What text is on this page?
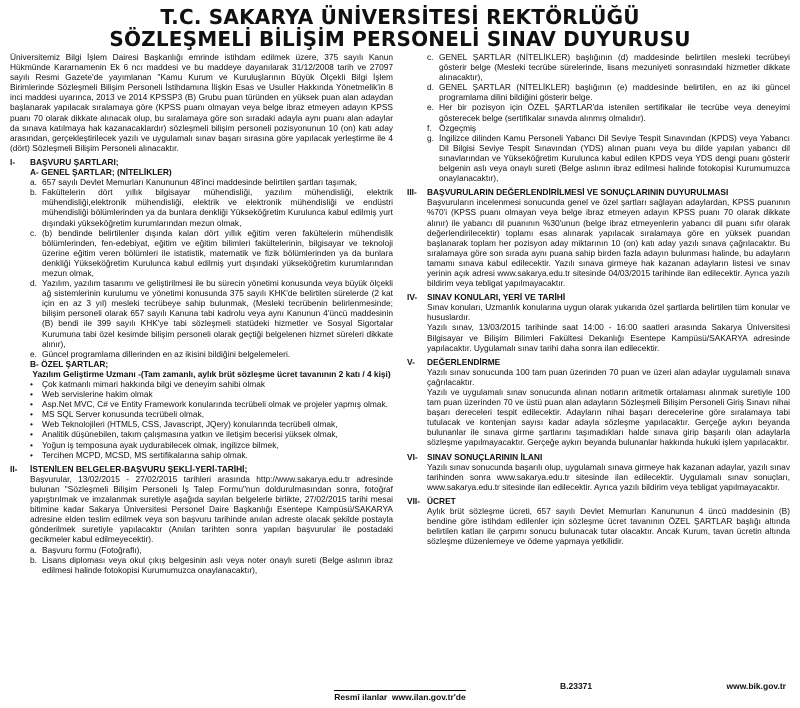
T.C. SAKARYA ÜNİVERSİTESİ REKTÖRLÜĞÜ
SÖZLEŞMELİ BİLİŞİM PERSONELİ SINAV DUYURUSU

Üniversitemiz Bilgi İşlem Dairesi Başkanlığı emrinde istihdam edilmek üzere, 375 sayılı Kanun Hükmünde Kararnamenin Ek 6 ncı maddesi ve bu maddeye dayanılarak 31/12/2008 tarih ve 27097 sayılı Resmi Gazete'de yayımlanan "Kamu Kurum ve Kuruluşlarının Büyük Ölçekli Bilgi İşlem Birimlerinde Sözleşmeli Bilişim Personeli İstihdamına İlişkin Esas ve Usuller Hakkında Yönetmelik'in 8 inci maddesi uyarınca, 2013 ve 2014 KPSSP3 (B) Grubu puan türünden en yüksek puan alan adaydan başlanarak yapılacak sıralamaya göre (KPSS puanı olmayan veya belge ibraz etmeyen adayın KPSS puanı 70 olarak dikkate alınacak olup, bu sıralamaya göre son sıradaki adayla aynı puanı alan adaylar da sınava katılmaya hak kazanacaklardır) sözleşmeli bilişim personeli pozisyonunun 10 (on) katı aday arasından, gerçekleştirilecek yazılı ve uygulamalı sınav başarı sırasına göre yapılacak yerleştirme ile 4 (dört) Sözleşmeli Bilişim Personeli alınacaktır.

I-	BAŞVURU ŞARTLARI;
A- GENEL ŞARTLAR; (NİTELİKLER)
a. 657 sayılı Devlet Memurları Kanununun 48'inci maddesinde belirtilen şartları taşımak,
b. Fakültelerin dört yıllık bilgisayar mühendisliği, yazılım mühendisliği, elektrik mühendisliği,elektronik mühendisliği, elektrik ve elektronik mühendisliği ve endüstri mühendisliği bölümlerinden ya da bunlara denkliği Yükseköğretim Kurulunca kabul edilmiş yurt dışındaki yükseköğretim kurumlarından mezun olmak,
c. (b) bendinde belirtilenler dışında kalan dört yıllık eğitim veren fakültelerin mühendislik bölümlerinden, fen-edebiyat, eğitim ve eğitim bilimleri fakültelerinin, bilgisayar ve teknoloji üzerine eğitim veren bölümleri ile istatistik, matematik ve fizik bölümlerinden ya da bunlara denkliği Yükseköğretim Kurulunca kabul edilmiş yurt dışındaki yükseköğretim kurumlarından mezun olmak,
d. Yazılım, yazılım tasarımı ve geliştirilmesi ile bu sürecin yönetimi konusunda veya büyük ölçekli ağ sistemlerinin kurulumu ve yönetimi konusunda 375 sayılı KHK'de belirtilen sürelerde (2 kat için en az 3 yıl) mesleki tecrübeye sahip bulunmak, (Mesleki tecrübenin belirlenmesinde; bilişim personeli olarak 657 sayılı Kanuna tabi kadrolu veya aynı Kanunun 4'üncü maddesinin (B) bendi ile 399 sayılı KHK'ye tabi sözleşmeli statüdeki hizmetler ve Sosyal Sigortalar Kurumuna tabi özel kesimde bilişim personeli olarak geçtiği belgelenen hizmet süreleri dikkate alınır),
e. Güncel programlama dillerinden en az ikisini bildiğini belgelemeleri.
B- ÖZEL ŞARTLAR;
Yazılım Geliştirme Uzmanı -(Tam zamanlı, aylık brüt sözleşme ücret tavanının 2 katı / 4 kişi)
•	Çok katmanlı mimari hakkında bilgi ve deneyim sahibi olmak
•	Web servislerine hakim olmak
•	Asp.Net MVC, C# ve Entity Framework konularında tecrübeli olmak ve projeler yapmış olmak.
•	MS SQL Server konusunda tecrübeli olmak,
•	Web Teknolojileri (HTML5, CSS, Javascript, JQery) konularında tecrübeli olmak,
•	Analitik düşünebilen, takım çalışmasına yatkın ve iletişim becerisi yüksek olmak,
•	Yoğun iş temposuna ayak uydurabilecek olmak, ingilizce bilmek,
•	Tercihen MCPD, MCSD, MS sertifikalarına sahip olmak.
II-	İSTENİLEN BELGELER-BAŞVURU ŞEKLİ-YERİ-TARİHİ;

Başvurular, 13/02/2015 - 27/02/2015 tarihleri arasında http://www.sakarya.edu.tr adresinde bulunan "Sözleşmeli Bilişim Personeli İş Talep Formu"nun doldurulmasından sonra, fotoğraf yapıştırılmak ve imzalanmak suretiyle aşağıda sayılan belgelerle birlikte, 27/02/2015 tarihi mesai bitimine kadar Sakarya Üniversitesi Personel Daire Başkanlığı Esentepe Kampüsü/SAKARYA adresine elden teslim edilmek veya son başvuru tarihinde anılan adreste olacak şekilde postayla gönderilmek suretiyle yapılacaktır (Anılan tarihten sonra yapılan başvurular ile postadaki gecikmeler kabul edilmeyecektir).

a. Başvuru formu (Fotoğraflı),
b. Lisans diploması veya okul çıkış belgesinin aslı veya noter onaylı sureti (Belge aslının ibraz edilmesi halinde fotokopisi Kurumumuzca onaylanacaktır),
c. GENEL ŞARTLAR (NİTELİKLER) başlığının (d) maddesinde belirtilen mesleki tecrübeyi gösterir belge (Mesleki tecrübe sürelerinde, lisans mezuniyeti sonrasındaki hizmetler dikkate alınacaktır),
d. GENEL ŞARTLAR (NİTELİKLER) başlığının (e) maddesinde belirtilen, en az iki güncel programlama dilini bildiğini gösterir belge.
e. Her bir pozisyon için ÖZEL ŞARTLAR'da istenilen sertifikalar ile tecrübe veya deneyimi gösterecek belge (sertifikalar sınavda alınmış olmalıdır).
f. Özgeçmiş
g. İngilizce dilinden Kamu Personeli Yabancı Dil Seviye Tespit Sınavından (KPDS) veya Yabancı Dil Bilgisi Seviye Tespit Sınavından (YDS) alınan puanı veya bu dilde yapılan yabancı dil sınavlarından ve Yükseköğretim Kurulunca kabul edilen KPDS veya YDS dengi puanı gösterir belgenin aslı veya onaylı sureti (Belge aslının ibraz edilmesi halinde fotokopisi Kurumumuzca onaylanacaktır),
III-	BAŞVURULARIN DEĞERLENDİRİLMESİ VE SONUÇLARININ DUYURULMASI

Başvuruların incelenmesi sonucunda genel ve özel şartları sağlayan adaylardan, KPSS puanının %70'i (KPSS puanı olmayan veya belge ibraz etmeyen adayın KPSS puanı 70 olarak dikkate alınır) ile yabancı dil puanının %30'unun (belge ibraz etmeyenlerin yabancı dil puanı sıfır olarak değerlendirilecektir) toplamı esas alınarak yapılacak sıralamaya göre en yüksek puandan başlanarak toplam her pozisyon aday miktarının 10 (on) katı aday yazılı sınava çağrılacaktır. Bu sıralamaya göre son sırada aynı puana sahip birden fazla adayın bulunması halinde, bu adayların tamamı sınava kabul edilecektir. Yazılı sınava girmeye hak kazanan adayların listesi ve sınav yerinin açık adresi www.sakarya.edu.tr sitesinde 04/03/2015 tarihinde ilan edilecektir. Ayrıca yazılı bildirim veya tebligat yapılmayacaktır.

IV-	SINAV KONULARI, YERİ VE TARİHİ

Sınav konuları, Uzmanlık konularına uygun olarak yukarıda özel şartlarda belirtilen tüm konular ve hususlardır.

Yazılı sınav, 13/03/2015 tarihinde saat 14:00 - 16:00 saatleri arasında Sakarya Üniversitesi Bilgisayar ve Bilişim Bilimleri Fakültesi Dekanlığı Esentepe Kampüsü/SAKARYA adresinde yapılacaktır. Uygulamalı sınav tarihi daha sonra ilan edilecektir.

V-	DEĞERLENDİRME

Yazılı sınav sonucunda 100 tam puan üzerinden 70 puan ve üzeri alan adaylar uygulamalı sınava çağrılacaktır.

Yazılı ve uygulamalı sınav sonucunda alınan notların aritmetik ortalaması alınmak suretiyle 100 tam puan üzerinden 70 ve üstü puan alan adayların Sözleşmeli Bilişim Personeli Giriş Sınavı nihai başarı dereceleri tespit edilecektir. Adayların nihai başarı derecelerine göre sıralamaya tabi tutulacak ve kontenjan sayısı kadar adayla sözleşme yapılacaktır. Gerçeğe aykırı beyanda bulunanlar ile sınava girme şartlarını taşımadıkları halde sınava girip başarılı olan adaylarla sözleşme yapılmayacaktır. Gerçeğe aykırı beyanda bulunanlar hakkında hukuki işlem yapılacaktır.

VI-	SINAV SONUÇLARININ İLANI

Yazılı sınav sonucunda başarılı olup, uygulamalı sınava girmeye hak kazanan adaylar, yazılı sınav tarihinden sonra www.sakarya.edu.tr sitesinde ilan edilecektir. Uygulamalı sınav sonuçları, www.sakarya.edu.tr sitesinde ilan edilecektir. Ayrıca yazılı bildirim veya tebligat yapılmayacaktır.

VII- ÜCRET

Aylık brüt sözleşme ücreti, 657 sayılı Devlet Memurları Kanununun 4 üncü maddesinin (B) bendine göre istihdam edilenler için sözleşme ücret tavanının ÖZEL ŞARTLAR başlığı altında belirtilen katları ile çarpımı sonucu bulunacak tutar olacaktır. Ancak Kurum, tavan ücretin altında sözleşme düzenlemeye ve ödeme yapmaya yetkilidir.

B.23371	www.bik.gov.tr
Resmî ilanlar www.ilan.gov.tr'de
